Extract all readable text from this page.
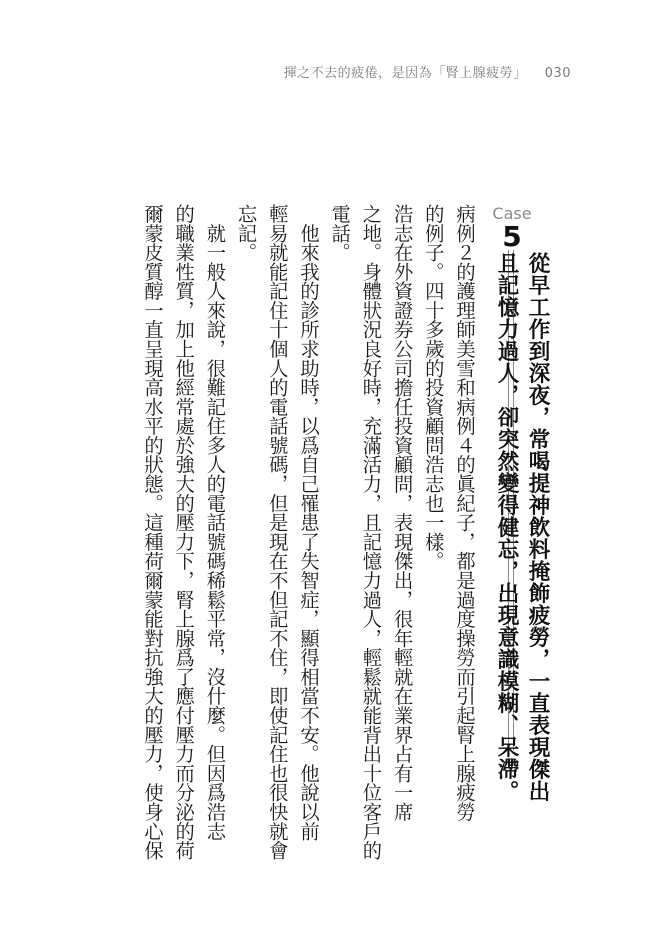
揮之不去的疲倦，是因為「腎上腺疲勞」 030
Case
5
從早工作到深夜，常喝提神飲料掩飾疲勞，一直表現傑出
且記憶力過人，卻突然變得健忘，出現意識模糊、呆滯。

病例２的護理師美雪和病例４的眞紀子，都是過度操勞而引起腎上腺疲勞

的例子。四十多歲的投資顧問浩志也一樣。

浩志在外資證券公司擔任投資顧問，表現傑出，很年輕就在業界占有一席

之地。身體狀況良好時，充滿活力，且記憶力過人，輕鬆就能背出十位客戶的

電話。

　他來我的診所求助時，以爲自己罹患了失智症，顯得相當不安。他說以前

輕易就能記住十個人的電話號碼，但是現在不但記不住，即使記住也很快就會

忘記。

　就一般人來說，很難記住多人的電話號碼稀鬆平常，沒什麼。但因爲浩志

的職業性質，加上他經常處於強大的壓力下，腎上腺爲了應付壓力而分泌的荷

爾蒙皮質醇一直呈現高水平的狀態。這種荷爾蒙能對抗強大的壓力，使身心保
